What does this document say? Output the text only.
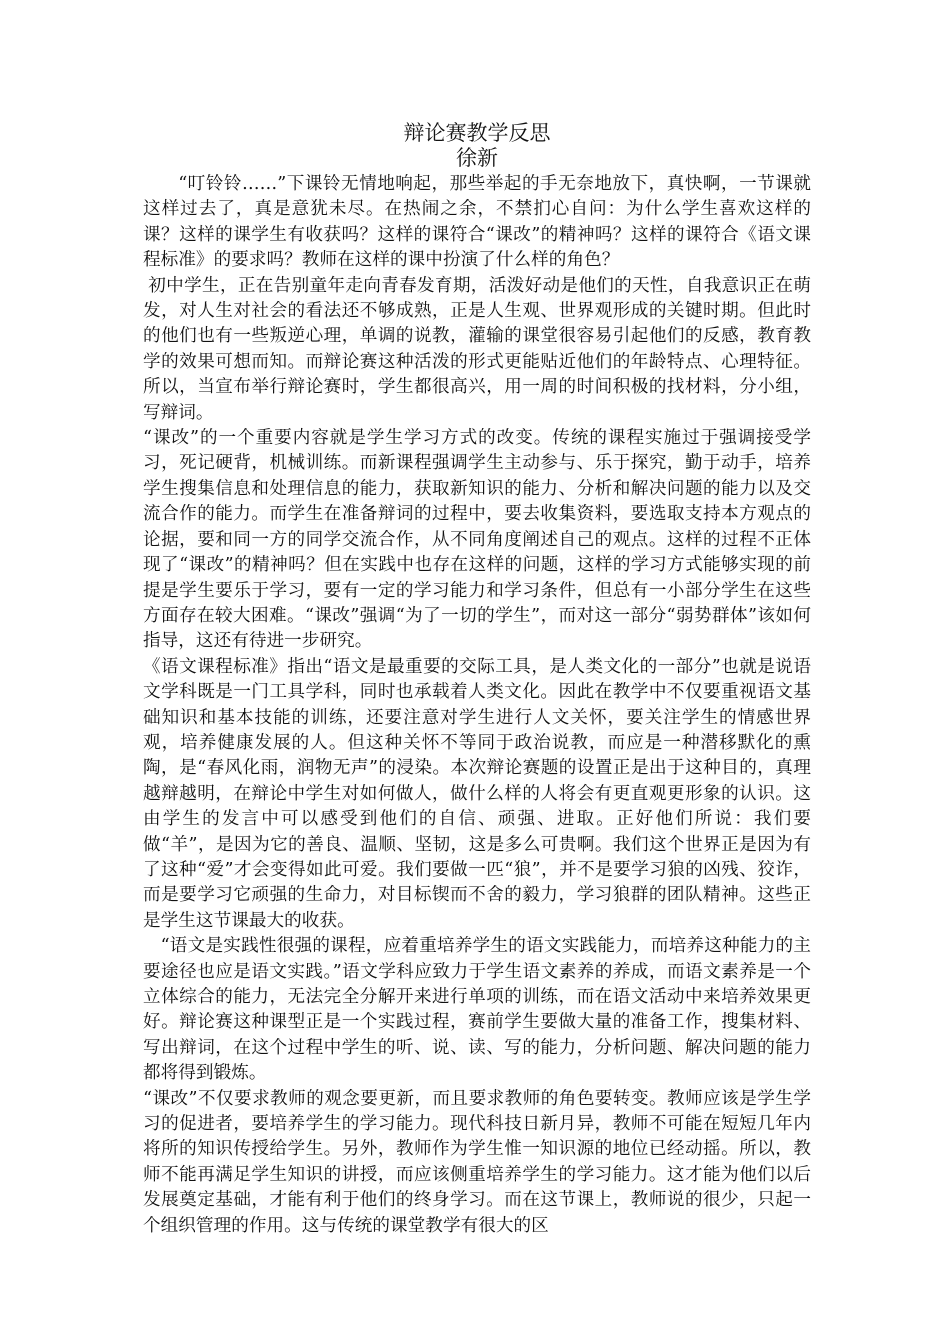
辩论赛教学反思
徐新

“叮铃铃……”下课铃无情地响起，那些举起的手无奈地放下，真快啊，一节课就这样过去了，真是意犹未尽。在热闹之余，不禁扪心自问：为什么学生喜欢这样的课？这样的课学生有收获吗？这样的课符合“课改”的精神吗？这样的课符合《语文课程标准》的要求吗？教师在这样的课中扮演了什么样的角色？

初中学生，正在告别童年走向青春发育期，活泼好动是他们的天性，自我意识正在萌发，对人生对社会的看法还不够成熟，正是人生观、世界观形成的关键时期。但此时的他们也有一些叛逆心理，单调的说教，灌输的课堂很容易引起他们的反感，教育教学的效果可想而知。而辩论赛这种活泼的形式更能贴近他们的年龄特点、心理特征。所以，当宣布举行辩论赛时，学生都很高兴，用一周的时间积极的找材料，分小组，写辩词。

“课改”的一个重要内容就是学生学习方式的改变。传统的课程实施过于强调接受学习，死记硬背，机械训练。而新课程强调学生主动参与、乐于探究，勤于动手，培养学生搜集信息和处理信息的能力，获取新知识的能力、分析和解决问题的能力以及交流合作的能力。而学生在准备辩词的过程中，要去收集资料，要选取支持本方观点的论据，要和同一方的同学交流合作，从不同角度阐述自己的观点。这样的过程不正体现了“课改”的精神吗？但在实践中也存在这样的问题，这样的学习方式能够实现的前提是学生要乐于学习，要有一定的学习能力和学习条件，但总有一小部分学生在这些方面存在较大困难。“课改”强调“为了一切的学生”，而对这一部分“弱势群体”该如何指导，这还有待进一步研究。

《语文课程标准》指出“语文是最重要的交际工具，是人类文化的一部分”也就是说语文学科既是一门工具学科，同时也承载着人类文化。因此在教学中不仅要重视语文基础知识和基本技能的训练，还要注意对学生进行人文关怀，要关注学生的情感世界观，培养健康发展的人。但这种关怀不等同于政治说教，而应是一种潜移默化的熏陶，是“春风化雨，润物无声”的浸染。本次辩论赛题的设置正是出于这种目的，真理越辩越明，在辩论中学生对如何做人，做什么样的人将会有更直观更形象的认识。这由学生的发言中可以感受到他们的自信、顽强、进取。正好他们所说：我们要做“羊”，是因为它的善良、温顺、坚韧，这是多么可贵啊。我们这个世界正是因为有了这种“爱”才会变得如此可爱。我们要做一匹“狼”，并不是要学习狼的凶残、狡诈，而是要学习它顽强的生命力，对目标锲而不舍的毅力，学习狼群的团队精神。这些正是学生这节课最大的收获。

“语文是实践性很强的课程，应着重培养学生的语文实践能力，而培养这种能力的主要途径也应是语文实践。”语文学科应致力于学生语文素养的养成，而语文素养是一个立体综合的能力，无法完全分解开来进行单项的训练，而在语文活动中来培养效果更好。辩论赛这种课型正是一个实践过程，赛前学生要做大量的准备工作，搜集材料、写出辩词，在这个过程中学生的听、说、读、写的能力，分析问题、解决问题的能力都将得到锻炼。

“课改”不仅要求教师的观念要更新，而且要求教师的角色要转变。教师应该是学生学习的促进者，要培养学生的学习能力。现代科技日新月异，教师不可能在短短几年内将所的知识传授给学生。另外，教师作为学生惟一知识源的地位已经动摇。所以，教师不能再满足学生知识的讲授，而应该侧重培养学生的学习能力。这才能为他们以后发展奠定基础，才能有利于他们的终身学习。而在这节课上，教师说的很少，只起一个组织管理的作用。这与传统的课堂教学有很大的区
